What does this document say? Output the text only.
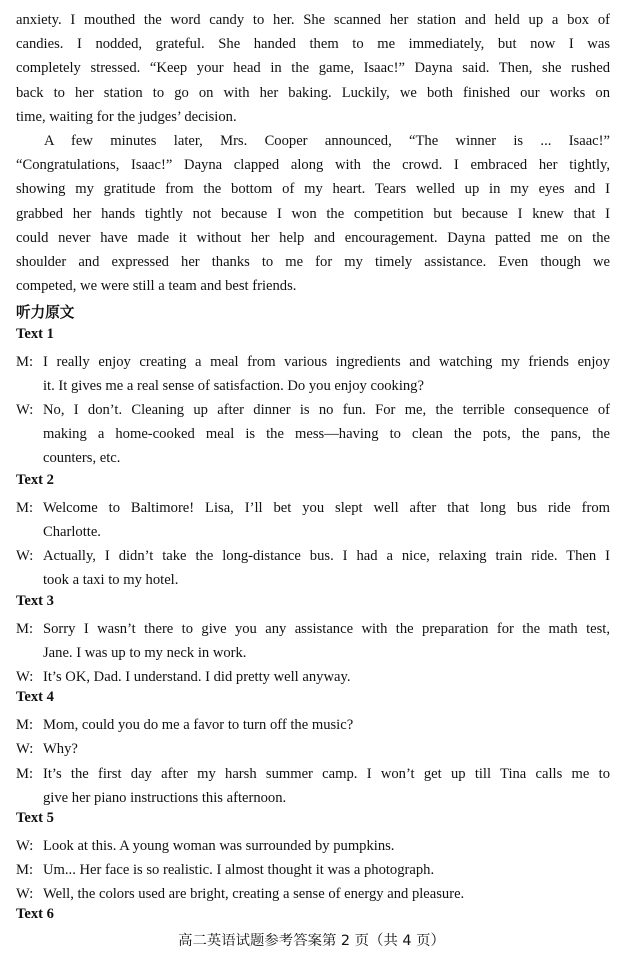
anxiety. I mouthed the word candy to her. She scanned her station and held up a box of
candies. I nodded, grateful. She handed them to me immediately, but now I was
completely stressed. “Keep your head in the game, Isaac!” Dayna said. Then, she rushed
back to her station to go on with her baking. Luckily, we both finished our works on
time, waiting for the judges’ decision.
A few minutes later, Mrs. Cooper announced, “The winner is ... Isaac!”
“Congratulations, Isaac!” Dayna clapped along with the crowd. I embraced her tightly,
showing my gratitude from the bottom of my heart. Tears welled up in my eyes and I
grabbed her hands tightly not because I won the competition but because I knew that I
could never have made it without her help and encouragement. Dayna patted me on the
shoulder and expressed her thanks to me for my timely assistance. Even though we
competed, we were still a team and best friends.
听力原文
Text 1
M: I really enjoy creating a meal from various ingredients and watching my friends enjoy
it. It gives me a real sense of satisfaction. Do you enjoy cooking?
W: No, I don’t. Cleaning up after dinner is no fun. For me, the terrible consequence of
making a home-cooked meal is the mess—having to clean the pots, the pans, the
counters, etc.
Text 2
M: Welcome to Baltimore! Lisa, I’ll bet you slept well after that long bus ride from
Charlotte.
W: Actually, I didn’t take the long-distance bus. I had a nice, relaxing train ride. Then I
took a taxi to my hotel.
Text 3
M: Sorry I wasn’t there to give you any assistance with the preparation for the math test,
Jane. I was up to my neck in work.
W: It’s OK, Dad. I understand. I did pretty well anyway.
Text 4
M: Mom, could you do me a favor to turn off the music?
W: Why?
M: It’s the first day after my harsh summer camp. I won’t get up till Tina calls me to
give her piano instructions this afternoon.
Text 5
W: Look at this. A young woman was surrounded by pumpkins.
M: Um... Her face is so realistic. I almost thought it was a photograph.
W: Well, the colors used are bright, creating a sense of energy and pleasure.
Text 6
高二英语试题参考答案第 2 页（共 4 页）
